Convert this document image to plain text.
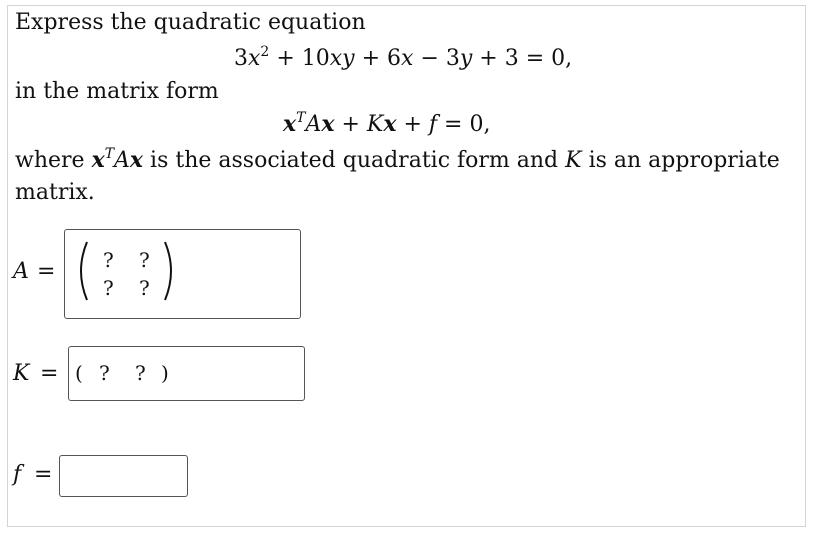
Express the quadratic equation
$3x^2 + 10xy + 6x - 3y + 3 = 0$,
in the matrix form
$x^TAx + Kx + f = 0$,
where $x^TAx$ is the associated quadratic form and K is an appropriate
matrix.
A = ? ?
? ?
K = ( ? ? )
f =
